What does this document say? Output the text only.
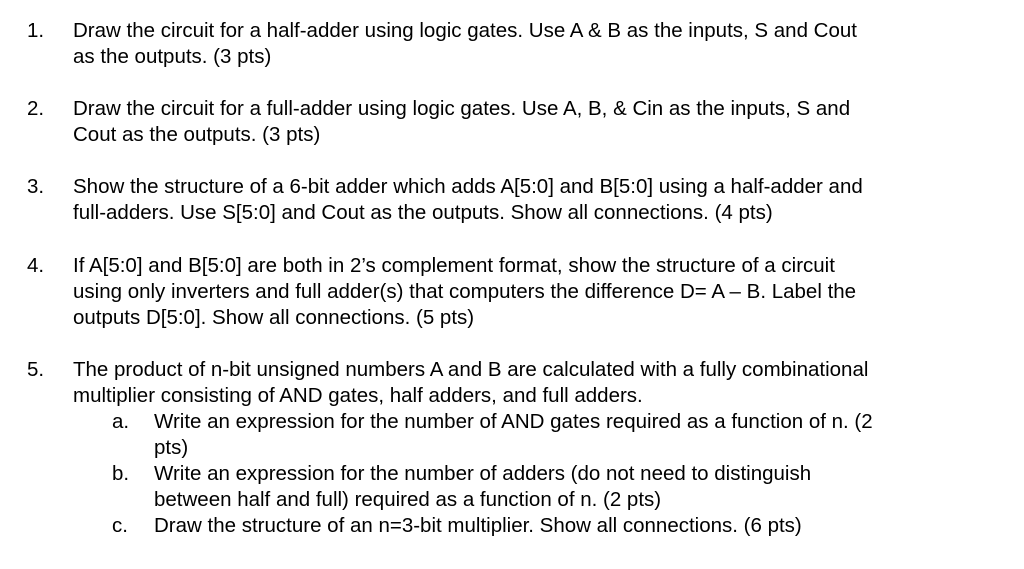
1. Draw the circuit for a half-adder using logic gates. Use A & B as the inputs, S and Cout
as the outputs. (3 pts)
2. Draw the circuit for a full-adder using logic gates. Use A, B, & Cin as the inputs, S and
Cout as the outputs. (3 pts)
3. Show the structure of a 6-bit adder which adds A[5:0] and B[5:0] using a half-adder and
full-adders. Use S[5:0] and Cout as the outputs. Show all connections. (4 pts)
4. If A[5:0] and B[5:0] are both in 2’s complement format, show the structure of a circuit
using only inverters and full adder(s) that computers the difference D= A – B. Label the
outputs D[5:0]. Show all connections. (5 pts)
5. The product of n-bit unsigned numbers A and B are calculated with a fully combinational
multiplier consisting of AND gates, half adders, and full adders.
a. Write an expression for the number of AND gates required as a function of n. (2
pts)
b. Write an expression for the number of adders (do not need to distinguish
between half and full) required as a function of n. (2 pts)
c. Draw the structure of an n=3-bit multiplier. Show all connections. (6 pts)
